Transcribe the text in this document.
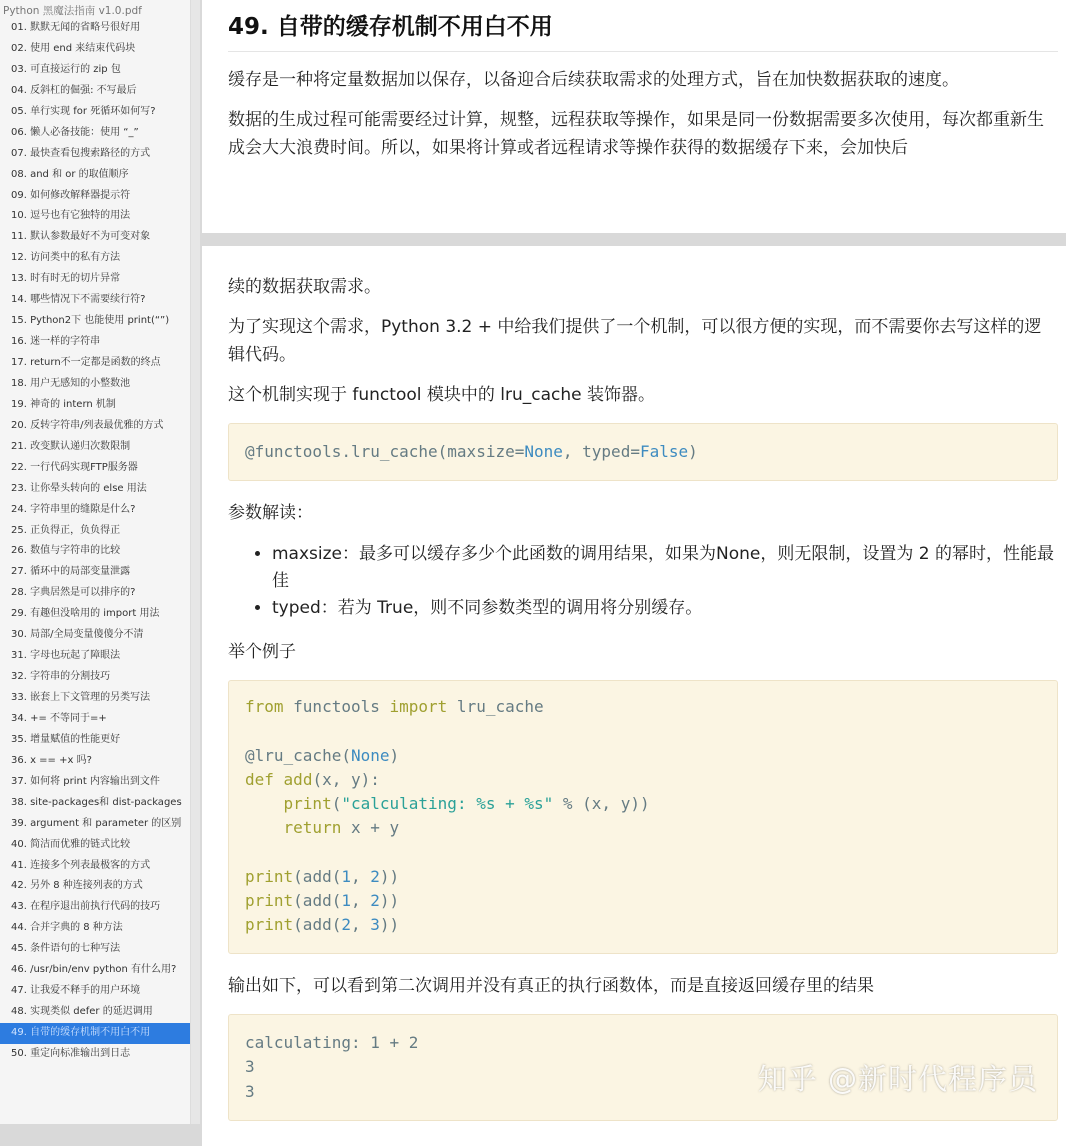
Python 黑魔法指南 v1.0.pdf
01. 默默无闻的省略号很好用
02. 使用 end 来结束代码块
03. 可直接运行的 zip 包
04. 反斜杠的倔强: 不写最后
05. 单行实现 for 死循环如何写?
06. 懒人必备技能：使用 “_”
07. 最快查看包搜索路径的方式
08. and 和 or 的取值顺序
09. 如何修改解释器提示符
10. 逗号也有它独特的用法
11. 默认参数最好不为可变对象
12. 访问类中的私有方法
13. 时有时无的切片异常
14. 哪些情况下不需要续行符?
15. Python2下 也能使用 print(“”)
16. 迷一样的字符串
17. return不一定都是函数的终点
18. 用户无感知的小整数池
19. 神奇的 intern 机制
20. 反转字符串/列表最优雅的方式
21. 改变默认递归次数限制
22. 一行代码实现FTP服务器
23. 让你晕头转向的 else 用法
24. 字符串里的缝隙是什么?
25. 正负得正，负负得正
26. 数值与字符串的比较
27. 循环中的局部变量泄露
28. 字典居然是可以排序的?
29. 有趣但没啥用的 import 用法
30. 局部/全局变量傻傻分不清
31. 字母也玩起了障眼法
32. 字符串的分割技巧
33. 嵌套上下文管理的另类写法
34. += 不等同于=+
35. 增量赋值的性能更好
36. x == +x 吗?
37. 如何将 print 内容输出到文件
38. site-packages和 dist-packages
39. argument 和 parameter 的区别
40. 简洁而优雅的链式比较
41. 连接多个列表最极客的方式
42. 另外 8 种连接列表的方式
43. 在程序退出前执行代码的技巧
44. 合并字典的 8 种方法
45. 条件语句的七种写法
46. /usr/bin/env python 有什么用?
47. 让我爱不释手的用户环境
48. 实现类似 defer 的延迟调用
49. 自带的缓存机制不用白不用
50. 重定向标准输出到日志
49. 自带的缓存机制不用白不用

缓存是一种将定量数据加以保存，以备迎合后续获取需求的处理方式，旨在加快数据获取的速度。

数据的生成过程可能需要经过计算，规整，远程获取等操作，如果是同一份数据需要多次使用，每次都重新生成会大大浪费时间。所以，如果将计算或者远程请求等操作获得的数据缓存下来，会加快后

续的数据获取需求。

为了实现这个需求，Python 3.2 + 中给我们提供了一个机制，可以很方便的实现，而不需要你去写这样的逻辑代码。

这个机制实现于 functool 模块中的 lru_cache 装饰器。

@functools.lru_cache(maxsize=None, typed=False)

参数解读：

• maxsize：最多可以缓存多少个此函数的调用结果，如果为None，则无限制，设置为 2 的幂时，性能最佳
• typed：若为 True，则不同参数类型的调用将分别缓存。

举个例子

from functools import lru_cache

@lru_cache(None)
def add(x, y):
print("calculating: %s + %s" % (x, y))
return x + y

print(add(1, 2))
print(add(1, 2))
print(add(2, 3))

输出如下，可以看到第二次调用并没有真正的执行函数体，而是直接返回缓存里的结果

calculating: 1 + 2
3
3	知乎 @新时代程序员
